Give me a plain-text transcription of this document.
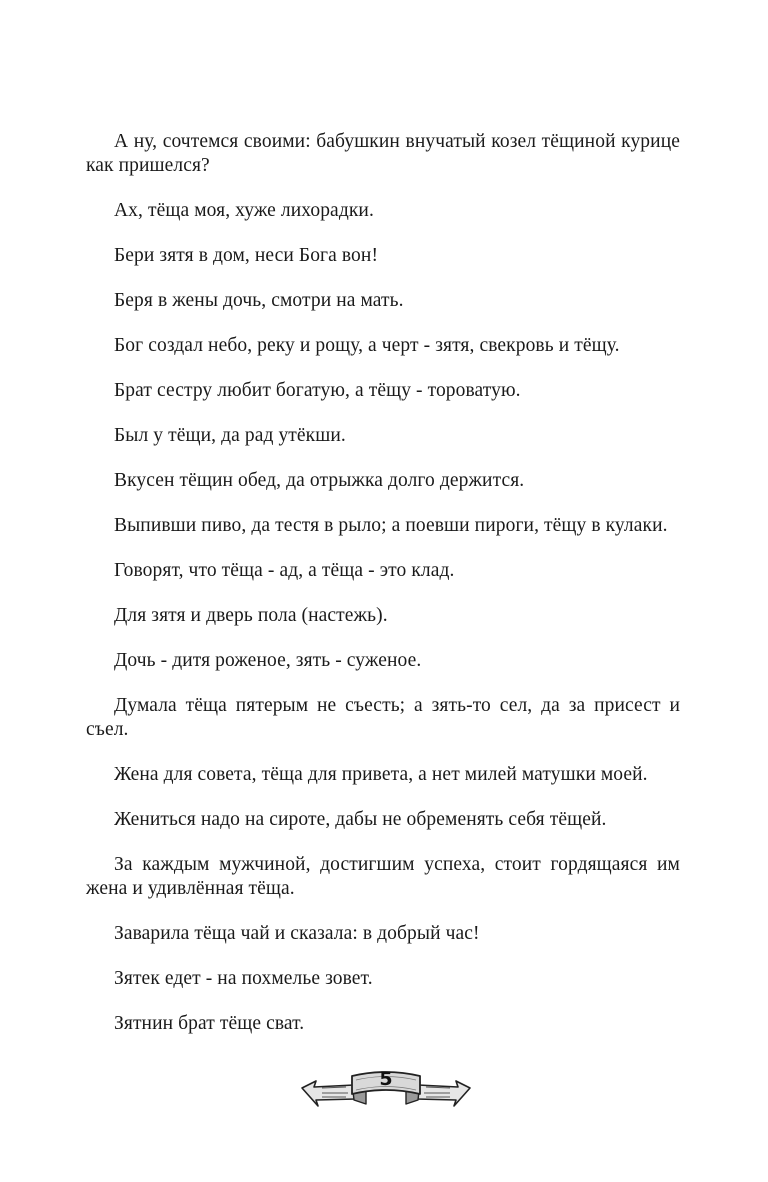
А ну, сочтемся своими: бабушкин внучатый козел тёщиной курице как пришелся?

Ах, тёща моя, хуже лихорадки.

Бери зятя в дом, неси Бога вон!

Беря в жены дочь, смотри на мать.

Бог создал небо, реку и рощу, а черт - зятя, свекровь и тёщу.

Брат сестру любит богатую, а тёщу - тороватую.

Был у тёщи, да рад утёкши.

Вкусен тёщин обед, да отрыжка долго держится.

Выпивши пиво, да тестя в рыло; а поевши пироги, тёщу в кулаки.

Говорят, что тёща - ад, а тёща - это клад.

Для зятя и дверь пола (настежь).

Дочь - дитя роженое, зять - суженое.

Думала тёща пятерым не съесть; а зять-то сел, да за присест и съел.

Жена для совета, тёща для привета, а нет милей матушки моей.

Жениться надо на сироте, дабы не обременять себя тёщей.

За каждым мужчиной, достигшим успеха, стоит гордящаяся им жена и удивлённая тёща.

Заварила тёща чай и сказала: в добрый час!

Зятек едет - на похмелье зовет.

Зятнин брат тёще сват.

5
